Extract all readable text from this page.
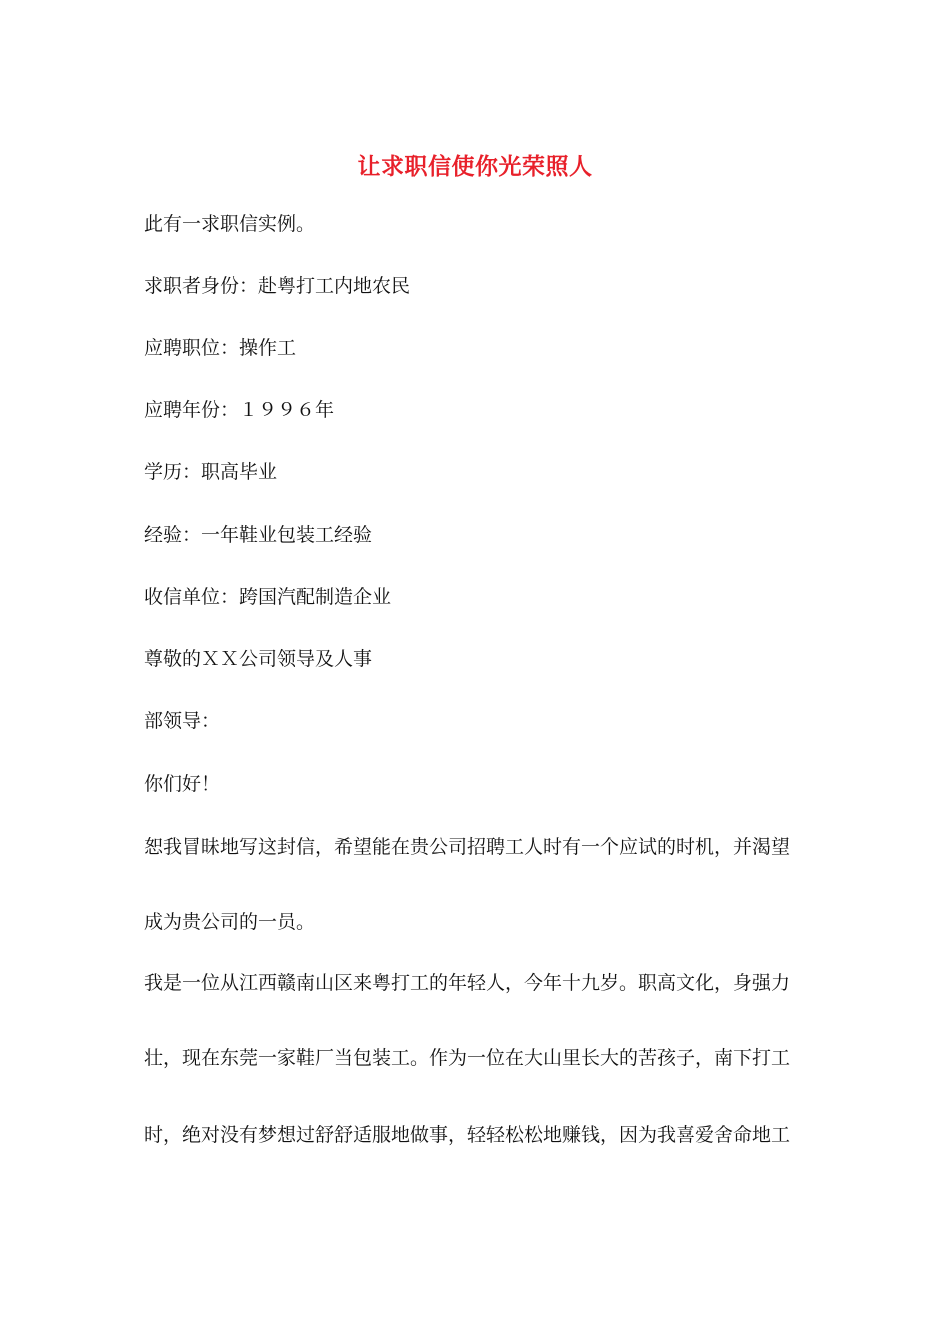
让求职信使你光荣照人
此有一求职信实例。
求职者身份：赴粤打工内地农民
应聘职位：操作工
应聘年份：１９９６年
学历：职高毕业
经验：一年鞋业包装工经验
收信单位：跨国汽配制造企业
尊敬的ＸＸ公司领导及人事
部领导：
你们好！
恕我冒昧地写这封信，希望能在贵公司招聘工人时有一个应试的时机，并渴望
成为贵公司的一员。
我是一位从江西赣南山区来粤打工的年轻人，今年十九岁。职高文化，身强力
壮，现在东莞一家鞋厂当包装工。作为一位在大山里长大的苦孩子，南下打工
时，绝对没有梦想过舒舒适服地做事，轻轻松松地赚钱，因为我喜爱舍命地工
